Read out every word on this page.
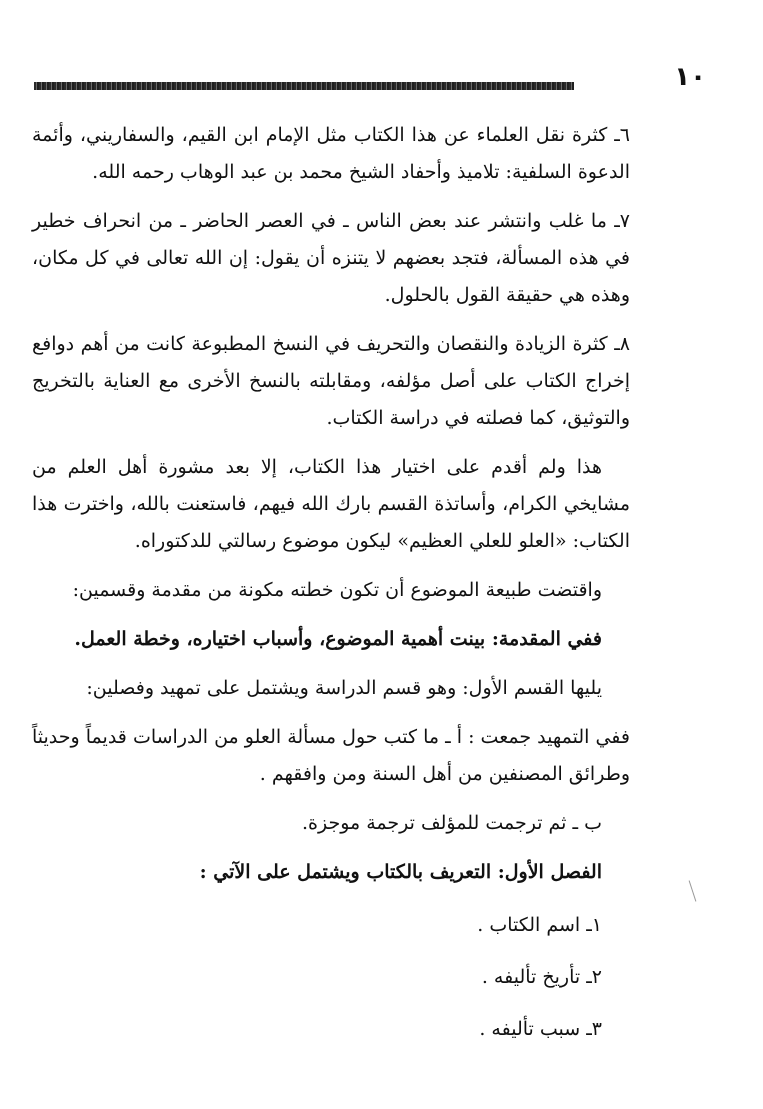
١٠

٦ـ كثرة نقل العلماء عن هذا الكتاب مثل الإمام ابن القيم، والسفاريني، وأئمة الدعوة السلفية: تلاميذ وأحفاد الشيخ محمد بن عبد الوهاب رحمه الله.

٧ـ ما غلب وانتشر عند بعض الناس ـ في العصر الحاضر ـ من انحراف خطير في هذه المسألة، فتجد بعضهم لا يتنزه أن يقول: إن الله تعالى في كل مكان، وهذه هي حقيقة القول بالحلول.

٨ـ كثرة الزيادة والنقصان والتحريف في النسخ المطبوعة كانت من أهم دوافع إخراج الكتاب على أصل مؤلفه، ومقابلته بالنسخ الأخرى مع العناية بالتخريج والتوثيق، كما فصلته في دراسة الكتاب.

هذا ولم أقدم على اختيار هذا الكتاب، إلا بعد مشورة أهل العلم من مشايخي الكرام، وأساتذة القسم بارك الله فيهم، فاستعنت بالله، واخترت هذا الكتاب: «العلو للعلي العظيم» ليكون موضوع رسالتي للدكتوراه.

واقتضت طبيعة الموضوع أن تكون خطته مكونة من مقدمة وقسمين:

ففي المقدمة: بينت أهمية الموضوع، وأسباب اختياره، وخطة العمل.

يليها القسم الأول: وهو قسم الدراسة ويشتمل على تمهيد وفصلين:

ففي التمهيد جمعت : أ ـ ما كتب حول مسألة العلو من الدراسات قديماً وحديثاً وطرائق المصنفين من أهل السنة ومن وافقهم .

ب ـ ثم ترجمت للمؤلف ترجمة موجزة.

الفصل الأول: التعريف بالكتاب ويشتمل على الآتي :

١ـ اسم الكتاب .

٢ـ تأريخ تأليفه .

٣ـ سبب تأليفه .
